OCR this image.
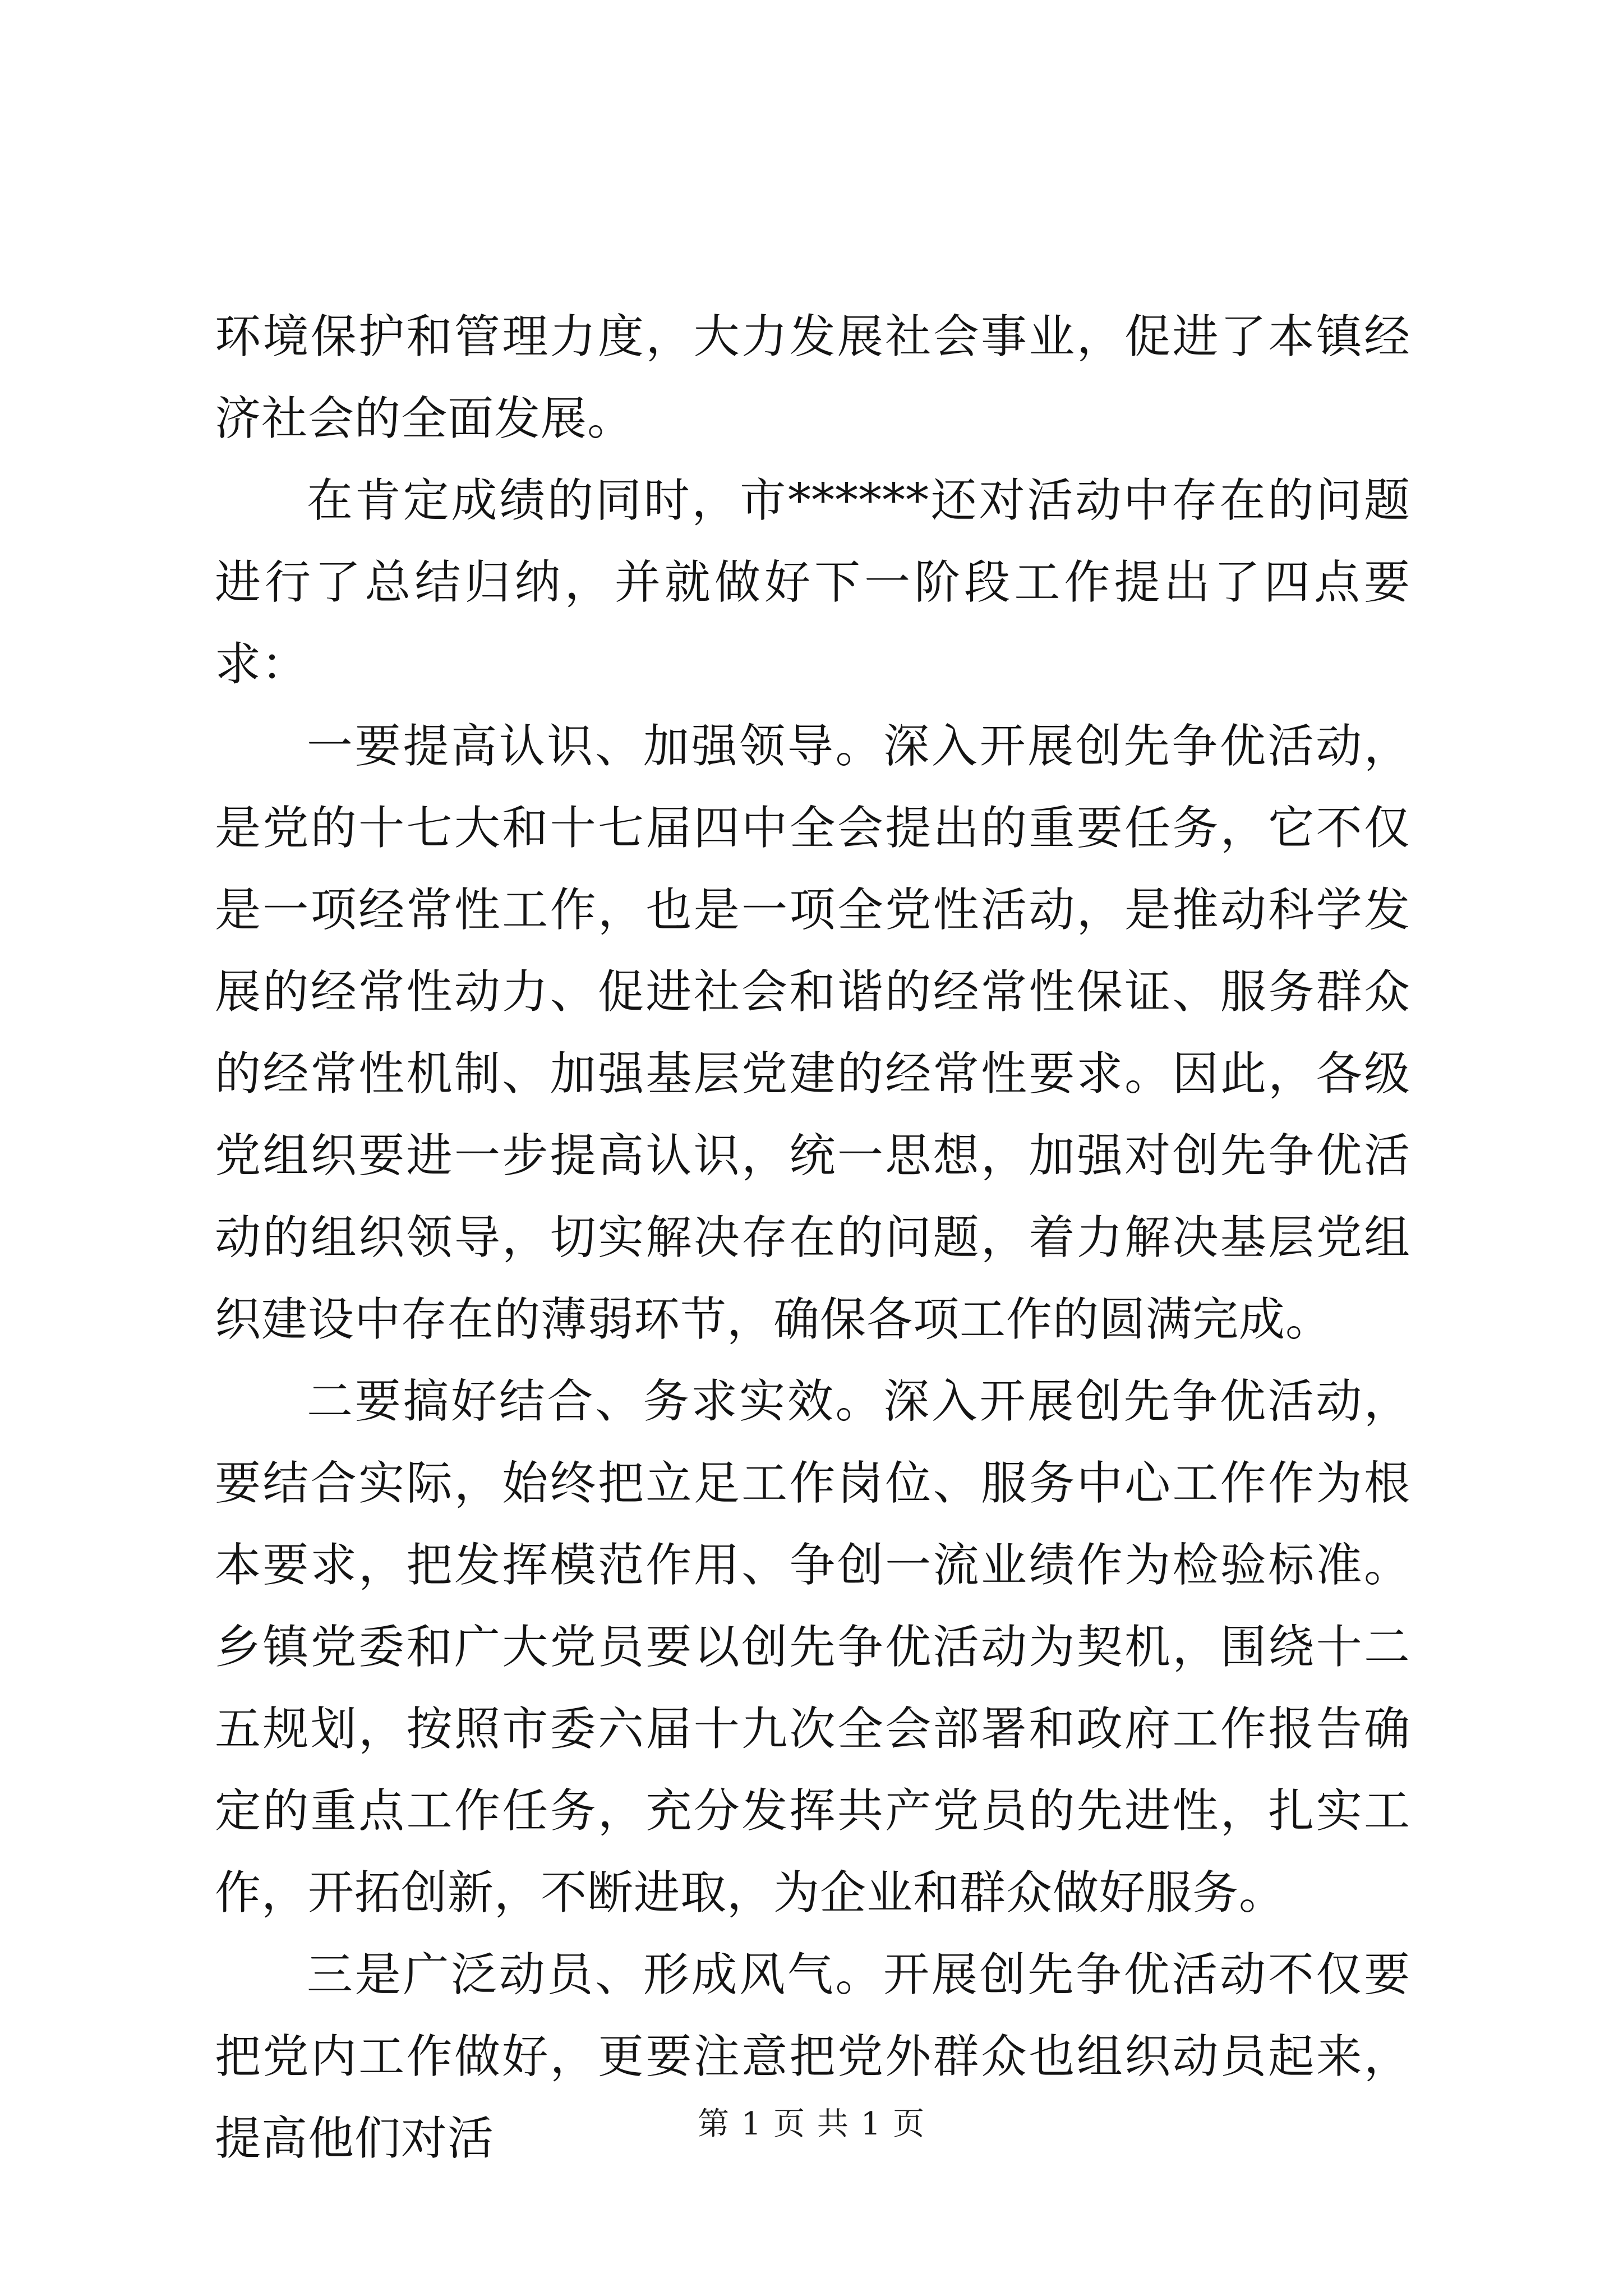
环境保护和管理力度，大力发展社会事业，促进了本镇经济社会的全面发展。

在肯定成绩的同时，市******还对活动中存在的问题进行了总结归纳，并就做好下一阶段工作提出了四点要求：

一要提高认识、加强领导。深入开展创先争优活动，是党的十七大和十七届四中全会提出的重要任务，它不仅是一项经常性工作，也是一项全党性活动，是推动科学发展的经常性动力、促进社会和谐的经常性保证、服务群众的经常性机制、加强基层党建的经常性要求。因此，各级党组织要进一步提高认识，统一思想，加强对创先争优活动的组织领导，切实解决存在的问题，着力解决基层党组织建设中存在的薄弱环节，确保各项工作的圆满完成。

二要搞好结合、务求实效。深入开展创先争优活动，要结合实际，始终把立足工作岗位、服务中心工作作为根本要求，把发挥模范作用、争创一流业绩作为检验标准。乡镇党委和广大党员要以创先争优活动为契机，围绕十二五规划，按照市委六届十九次全会部署和政府工作报告确定的重点工作任务，充分发挥共产党员的先进性，扎实工作，开拓创新，不断进取，为企业和群众做好服务。

三是广泛动员、形成风气。开展创先争优活动不仅要把党内工作做好，更要注意把党外群众也组织动员起来，提高他们对活	第 1 页 共 1 页
